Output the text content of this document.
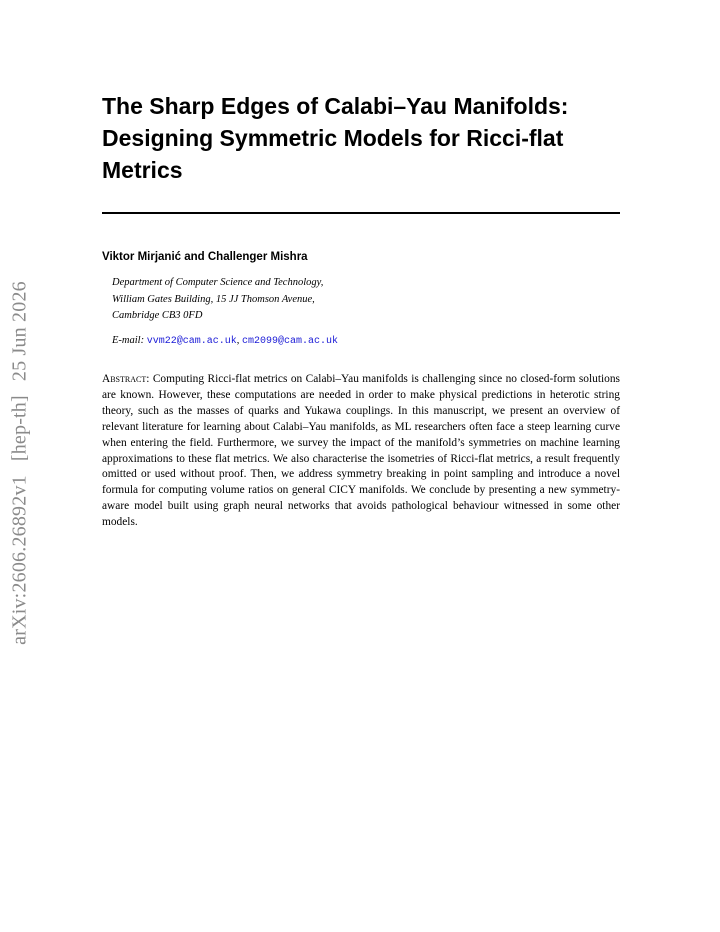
arXiv:2606.26892v1[hep-th]25 Jun 2026
The Sharp Edges of Calabi–Yau Manifolds:
Designing Symmetric Models for Ricci-flat
Metrics
Viktor Mirjanić and Challenger Mishra
Department of Computer Science and Technology,
William Gates Building, 15 JJ Thomson Avenue,
Cambridge CB3 0FD
E-mail: vvm22@cam.ac.uk, cm2099@cam.ac.uk

Abstract: Computing Ricci-flat metrics on Calabi–Yau manifolds is challenging since no closed-form solutions are known. However, these computations are needed in order to make physical predictions in heterotic string theory, such as the masses of quarks and Yukawa couplings. In this manuscript, we present an overview of relevant literature for learning about Calabi–Yau manifolds, as ML researchers often face a steep learning curve when entering the field. Furthermore, we survey the impact of the manifold’s symmetries on machine learning approximations to these flat metrics. We also characterise the isometries of Ricci-flat metrics, a result frequently omitted or used without proof. Then, we address symmetry breaking in point sampling and introduce a novel formula for computing volume ratios on general CICY manifolds. We conclude by presenting a new symmetry-aware model built using graph neural networks that avoids pathological behaviour witnessed in some other models.
